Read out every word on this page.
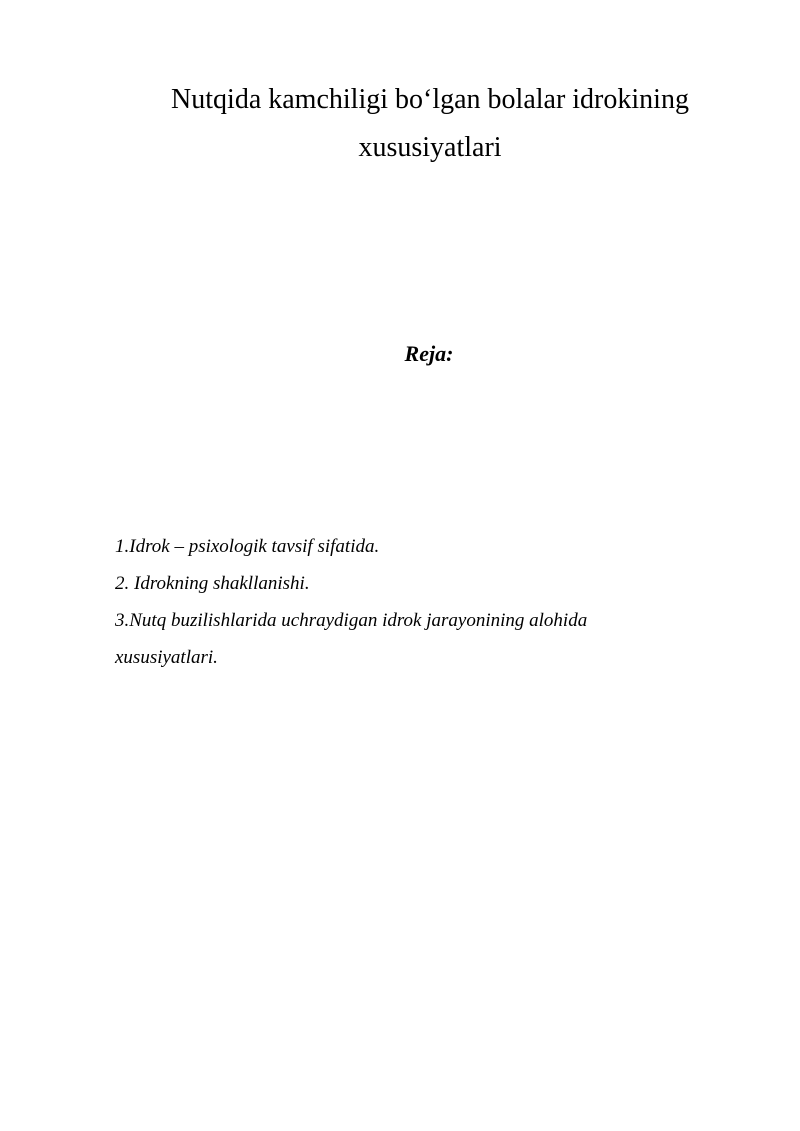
Nutqida kamchiligi bo‘lgan bolalar idrokining
xususiyatlari
Reja:
1.Idrok – psixologik tavsif sifatida.
2. Idrokning shakllanishi.
3.Nutq buzilishlarida uchraydigan idrok jarayonining alohida
xususiyatlari.
